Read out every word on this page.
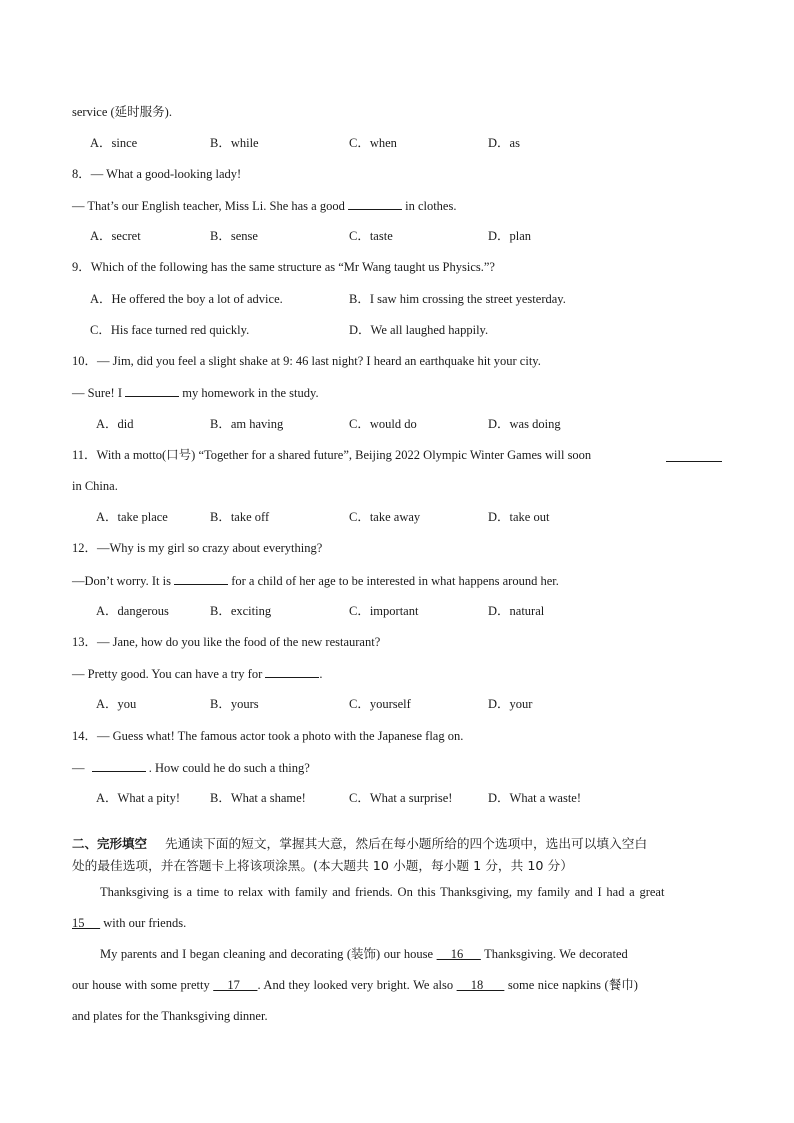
service (延时服务).
A．since	B．while	C．when	D．as
8．— What a good-looking lady!
— That’s our English teacher, Miss Li. She has a good	in clothes.
A．secret	B．sense	C．taste	D．plan
9．Which of the following has the same structure as “Mr Wang taught us Physics.”?
A．He offered the boy a lot of advice.	B．I saw him crossing the street yesterday.
C．His face turned red quickly.	D．We all laughed happily.
10．— Jim, did you feel a slight shake at 9: 46 last night? I heard an earthquake hit your city.
— Sure! I	my homework in the study.
A．did	B．am having	C．would do	D．was doing
11．With a motto(口号) “Together for a shared future”, Beijing 2022 Olympic Winter Games will soon
in China.
A．take place	B．take off	C．take away	D．take out
12．—Why is my girl so crazy about everything?
—Don’t worry. It is	for a child of her age to be interested in what happens around her.
A．dangerous	B．exciting	C．important	D．natural
13．— Jane, how do you like the food of the new restaurant?
— Pretty good. You can have a try for	.
A．you	B．yours	C．yourself	D．your
14．— Guess what! The famous actor took a photo with the Japanese flag on.
—	. How could he do such a thing?
A．What a pity! B．What a shame!	C．What a surprise!	D．What a waste!
二、完形填空 先通读下面的短文，掌握其大意，然后在每小题所给的四个选项中，选出可以填入空白
处的最佳选项，并在答题卡上将该项涂黑。(本大题共 10 小题，每小题 1 分，共 10 分）
Thanksgiving is a time to relax with family and friends. On this Thanksgiving, my family and I had a great
15      with our friends.
My parents and I began cleaning and decorating (装饰) our house     16      Thanksgiving. We decorated
our house with some pretty     17     . And they looked very bright. We also     18       some nice napkins (餐巾)
and plates for the Thanksgiving dinner.
